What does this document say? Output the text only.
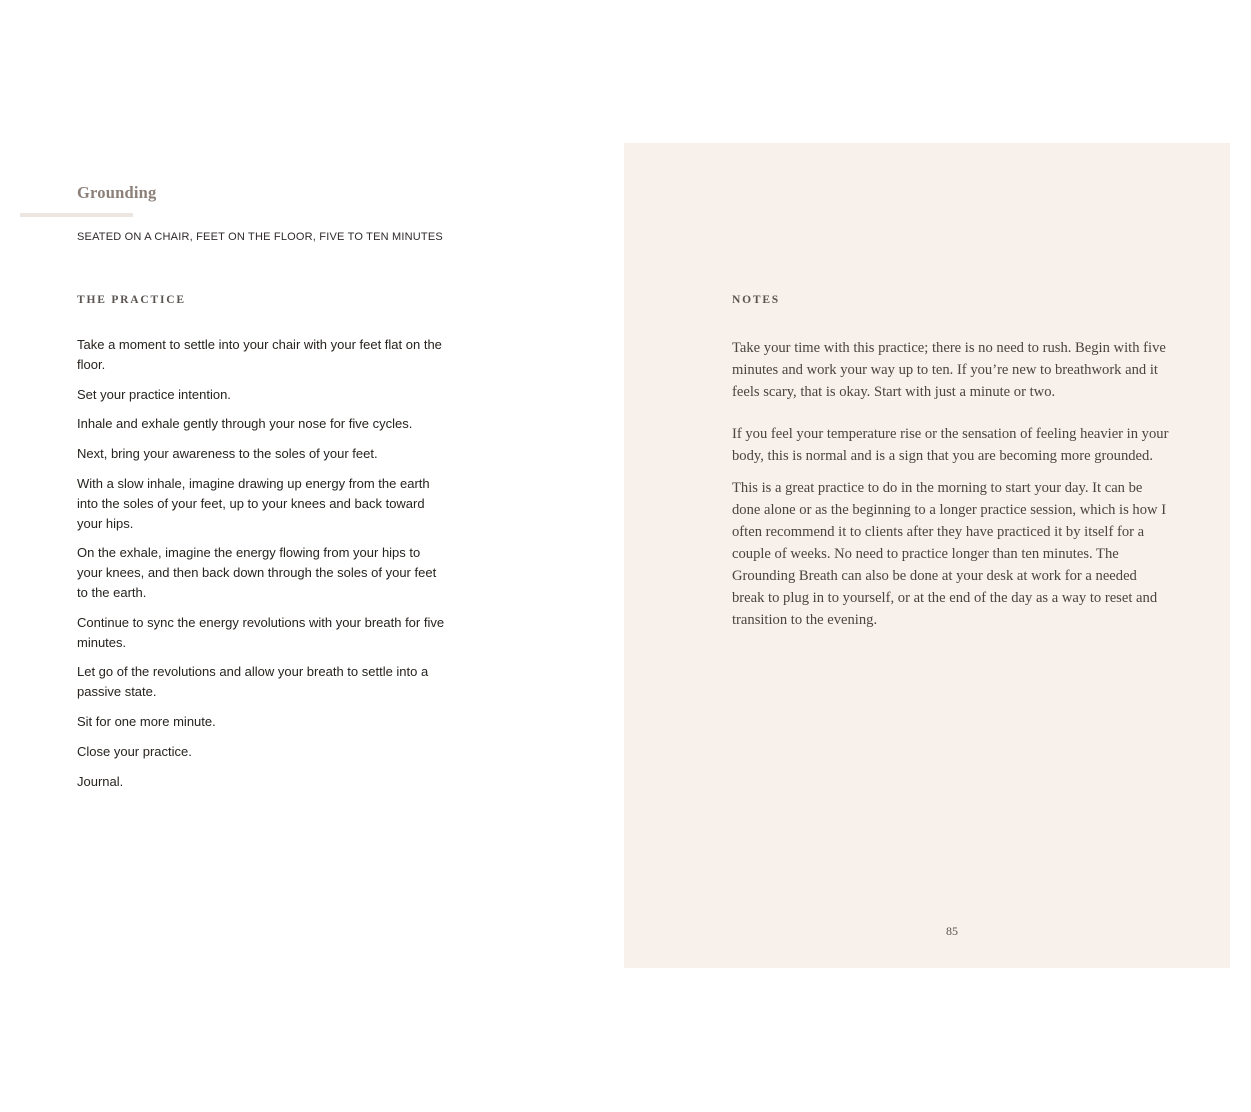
Grounding
SEATED ON A CHAIR, FEET ON THE FLOOR, FIVE TO TEN MINUTES
THE PRACTICE
Take a moment to settle into your chair with your feet flat on the floor.
Set your practice intention.
Inhale and exhale gently through your nose for five cycles.
Next, bring your awareness to the soles of your feet.
With a slow inhale, imagine drawing up energy from the earth into the soles of your feet, up to your knees and back toward your hips.
On the exhale, imagine the energy flowing from your hips to your knees, and then back down through the soles of your feet to the earth.
Continue to sync the energy revolutions with your breath for five minutes.
Let go of the revolutions and allow your breath to settle into a passive state.
Sit for one more minute.
Close your practice.
Journal.
NOTES

Take your time with this practice; there is no need to rush. Begin with five minutes and work your way up to ten. If you’re new to breathwork and it feels scary, that is okay. Start with just a minute or two.

If you feel your temperature rise or the sensation of feeling heavier in your body, this is normal and is a sign that you are becoming more grounded.

This is a great practice to do in the morning to start your day. It can be done alone or as the beginning to a longer practice session, which is how I often recommend it to clients after they have practiced it by itself for a couple of weeks. No need to practice longer than ten minutes. The Grounding Breath can also be done at your desk at work for a needed break to plug in to yourself, or at the end of the day as a way to reset and transition to the evening.

85
